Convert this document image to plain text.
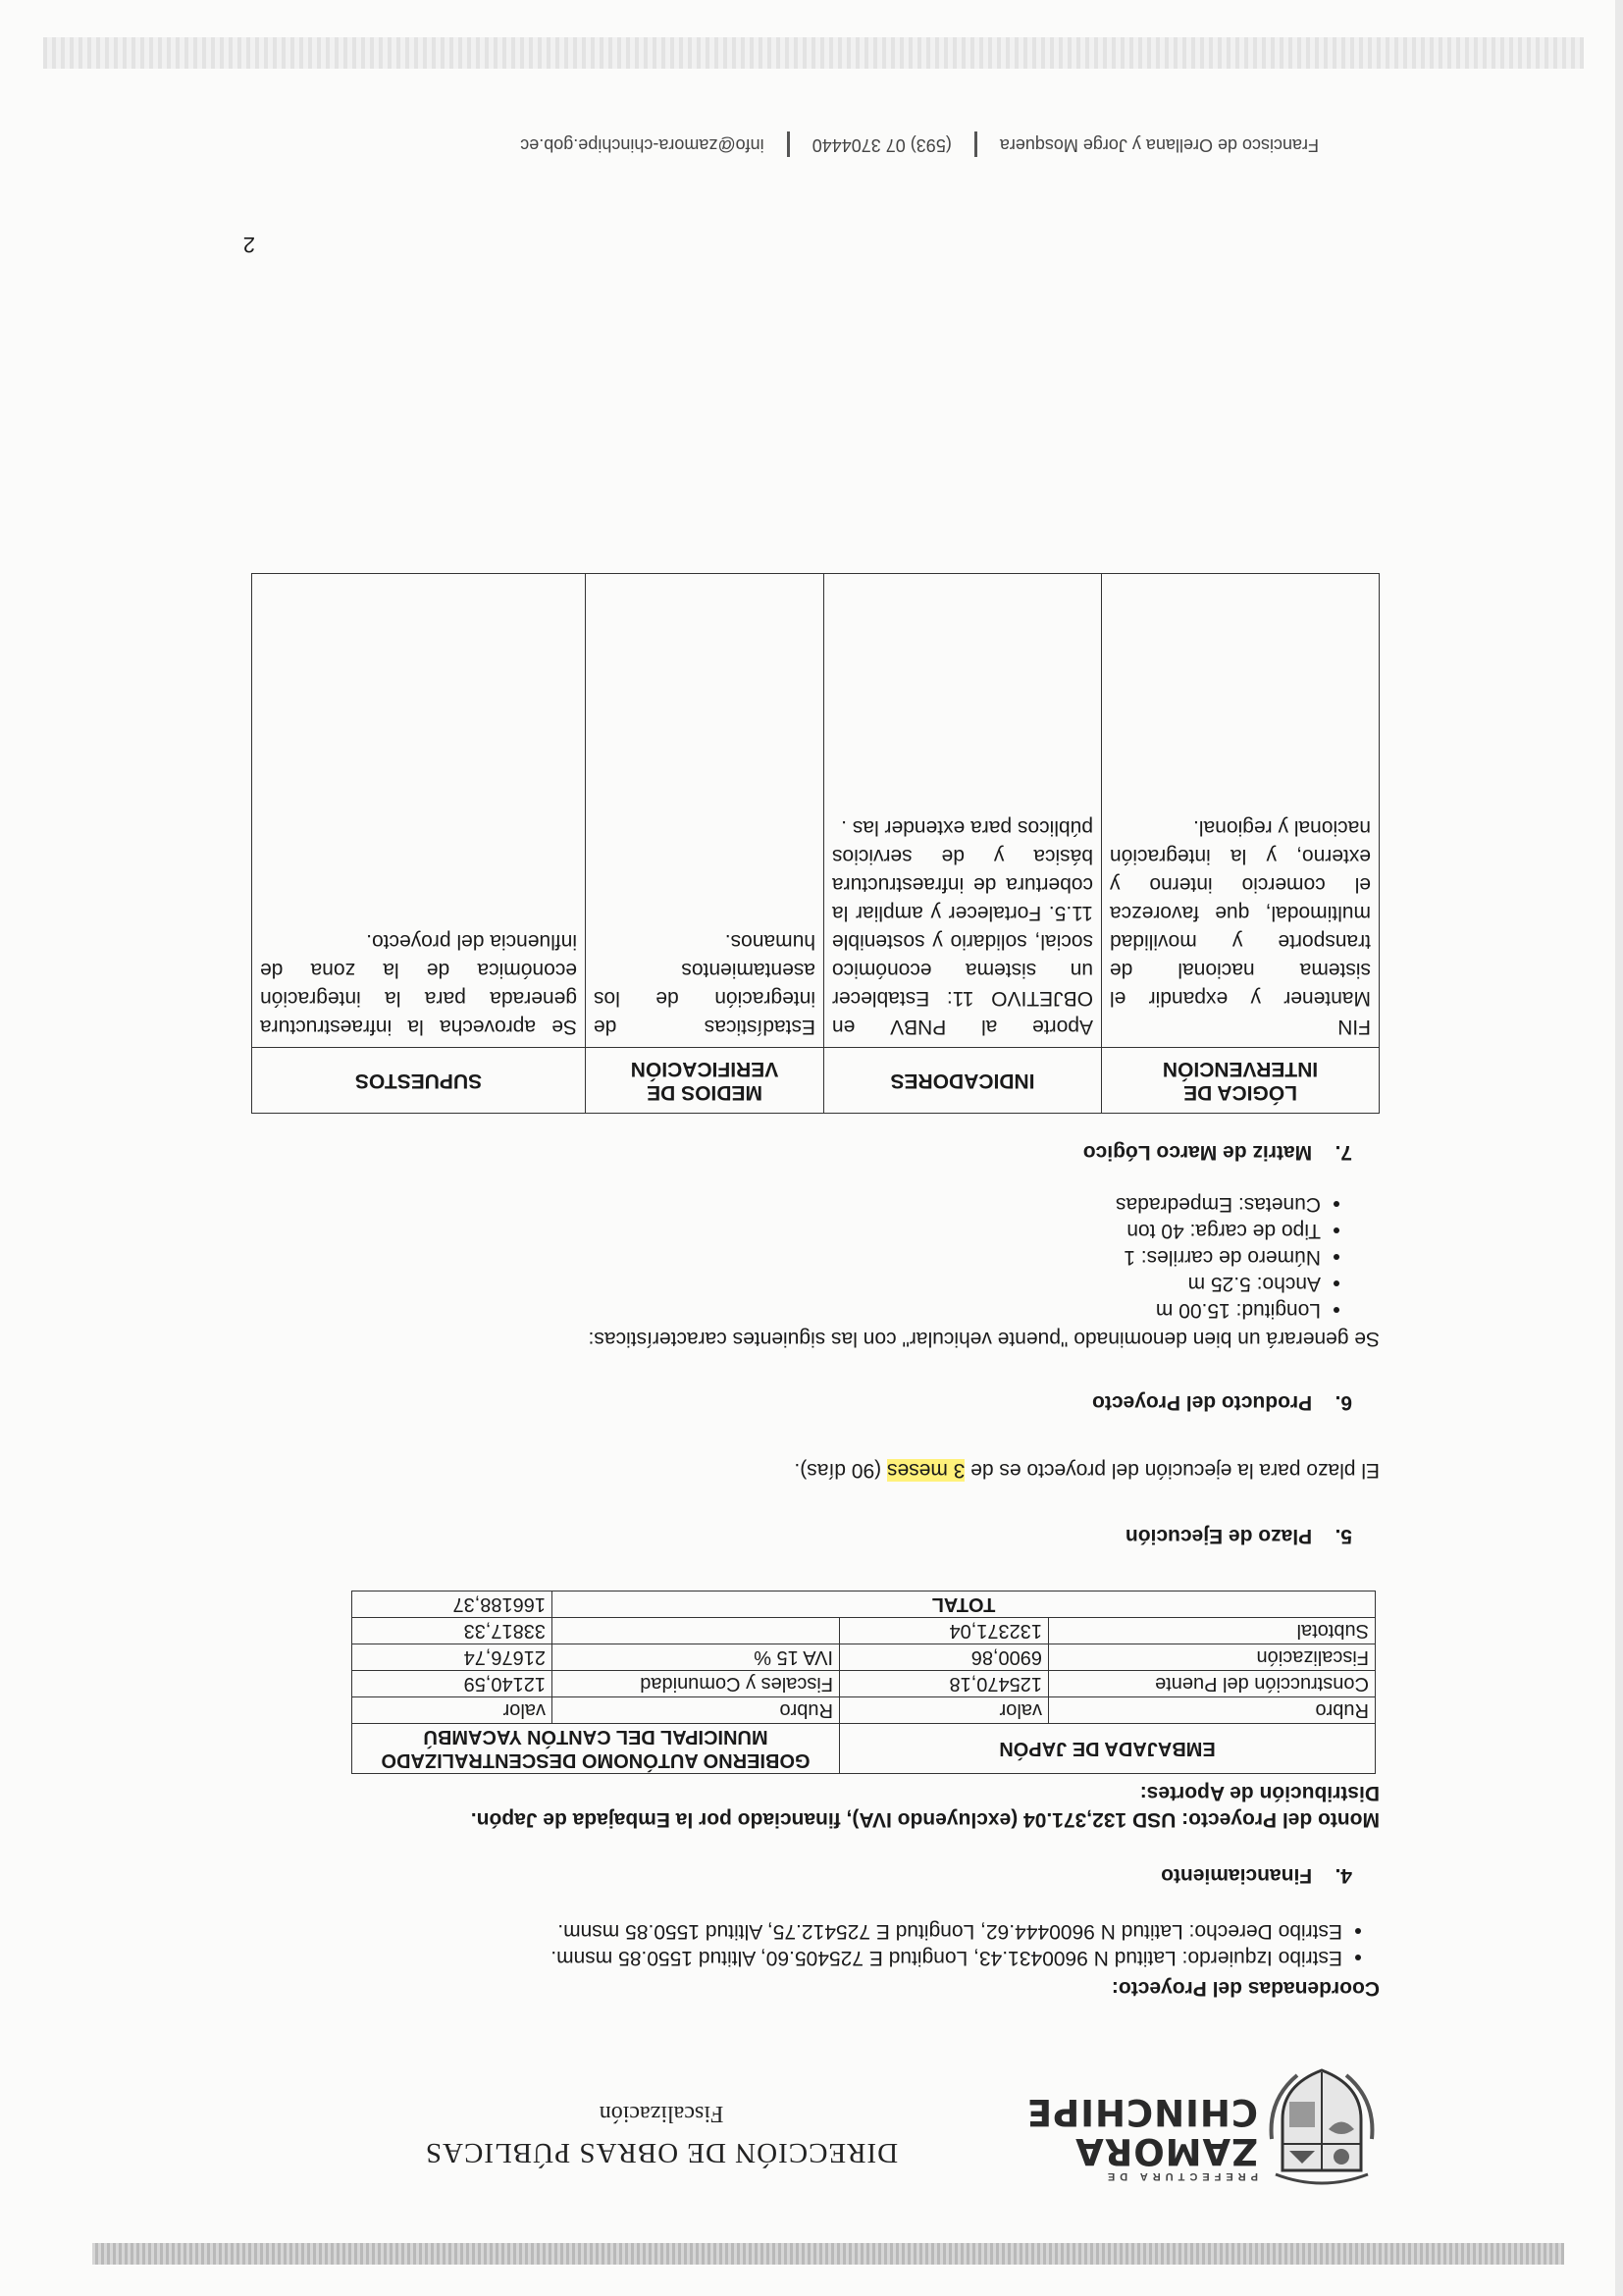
PREFECTURA DE
ZAMORA
CHINCHIPE
DIRECCIÓN DE OBRAS PÚBLICAS
Fiscalización

Coordenadas del Proyecto:

• Estribo Izquierdo: Latitud N 9600431.43, Longitud E 725405.60, Altitud 1550.85 msnm.
• Estribo Derecho: Latitud N 9600444.62, Longitud E 725412.75, Altitud 1550.85 msnm.

4.    Financiamiento

Monto del Proyecto: USD 132,371.04 (excluyendo IVA), financiado por la Embajada de Japón.

Distribución de Aportes:

EMBAJADA DE JAPÓN		GOBIERNO AUTÓNOMO DESCENTRALIZADO MUNICIPAL DEL CANTÓN YACAMBÚ	
Rubro	valor	Rubro	valor
Construcción del Puente	125470,18	Fiscales y Comunidad	12140,59
Fiscalización	6900,86	IVA 15 %	21676,74
Subtotal	132371,04		33817,33
TOTAL			166188,37

5.    Plazo de Ejecución

El plazo para la ejecución del proyecto es de 3 meses (90 días).

6.    Producto del Proyecto

Se generará un bien denominado "puente vehicular" con las siguientes características:

• Longitud: 15.00 m
• Ancho: 5.25 m
• Número de carriles: 1
• Tipo de carga: 40 ton
• Cunetas: Empedradas

7.    Matriz de Marco Lógico

LÓGICA DE INTERVENCIÓN	INDICADORES	MEDIOS DE VERIFICACIÓN	SUPUESTOS

FIN
Mantener y expandir el sistema nacional de transporte y movilidad multimodal, que favorezca el comercio interno y externo, y la integración nacional y regional.	Aporte al PNBV en OBJETIVO 11: Establecer un sistema económico social, solidario y sostenible 11.5. Fortalecer y ampliar la cobertura de infraestructura básica y de servicios públicos para extender las .	Estadísticas de integración de los asentamientos humanos.	Se aprovecha la infraestructura generada para la integración económica de la zona de influencia del proyecto.
2
Francisco de Orellana y Jorge Mosquera  (593) 07 3704440  info@zamora-chinchipe.gob.ec
